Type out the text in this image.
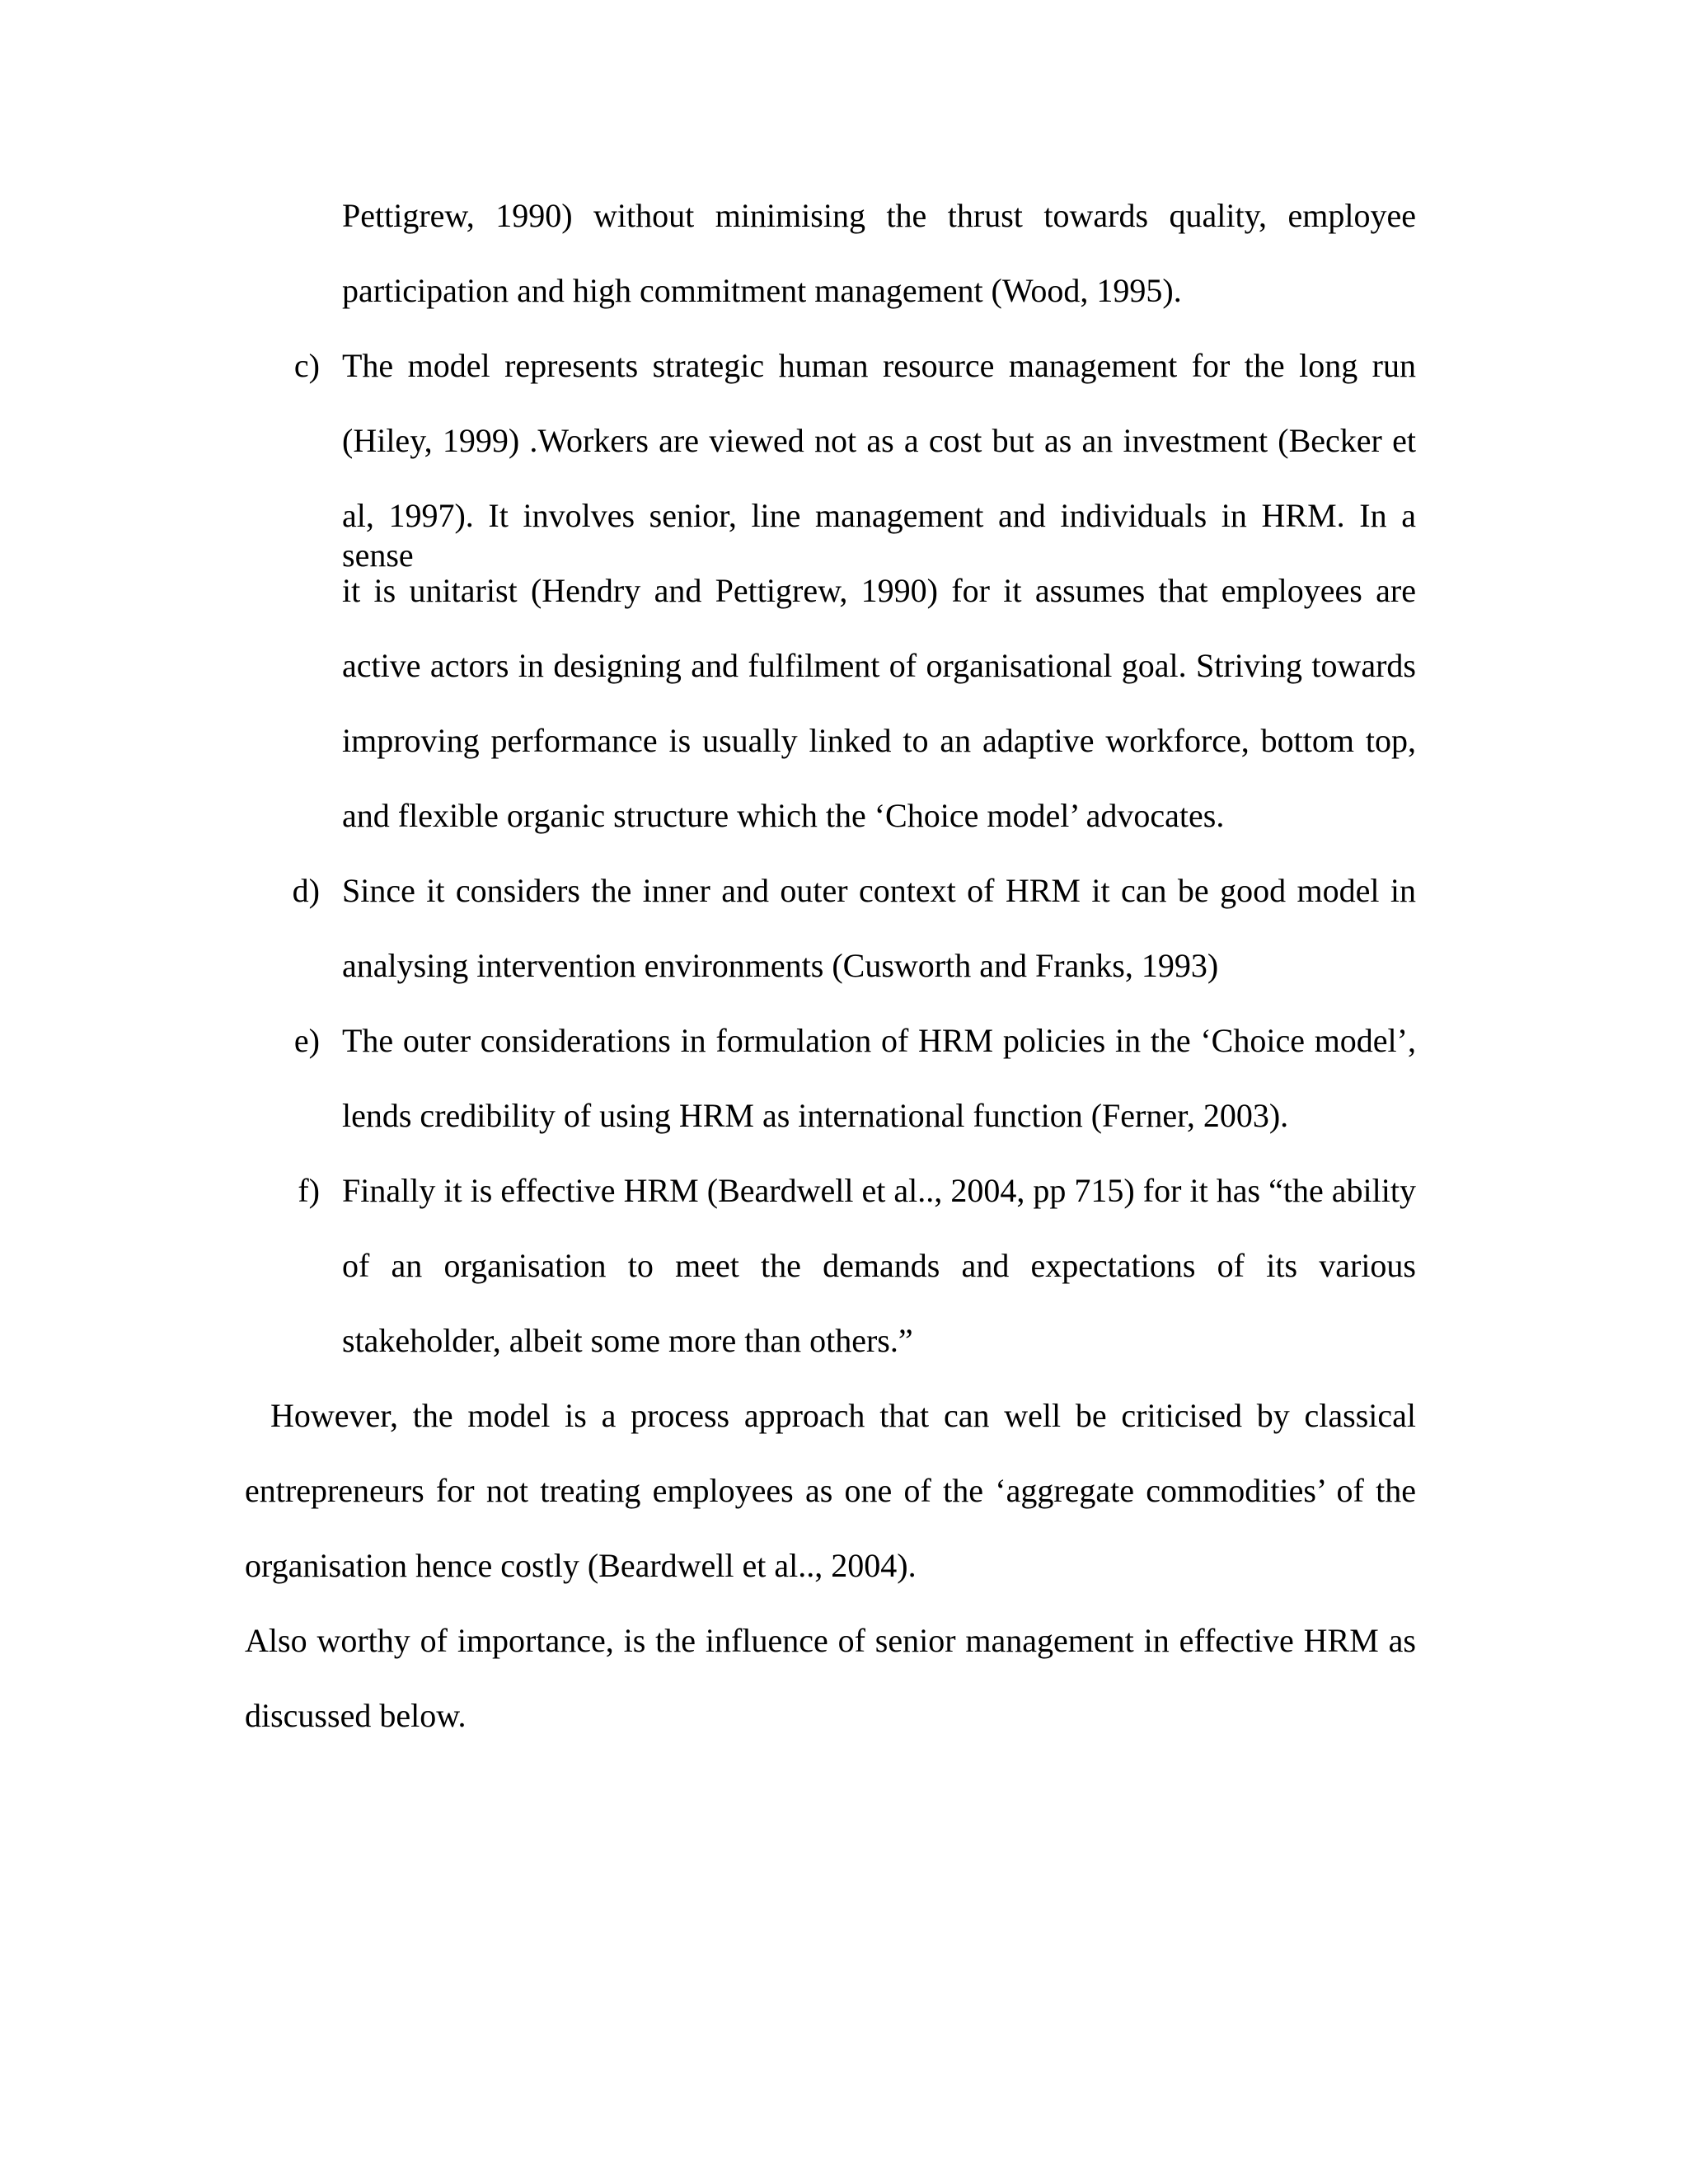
Pettigrew, 1990) without minimising the thrust towards quality, employee
participation and high commitment management (Wood, 1995).
c) The model represents strategic human resource management for the long run
(Hiley, 1999) .Workers are viewed not as a cost but as an investment (Becker et
al, 1997). It involves senior, line management and individuals in HRM. In a sense
it is unitarist (Hendry and Pettigrew, 1990) for it assumes that employees are
active actors in designing and fulfilment of organisational goal. Striving towards
improving performance is usually linked to an adaptive workforce, bottom top,
and flexible organic structure which the ‘Choice model’ advocates.
d) Since it considers the inner and outer context of HRM it can be good model in
analysing intervention environments (Cusworth and Franks, 1993)
e) The outer considerations in formulation of HRM policies in the ‘Choice model’,
lends credibility of using HRM as international function (Ferner, 2003).
f) Finally it is effective HRM (Beardwell et al.., 2004, pp 715) for it has “the ability
of an organisation to meet the demands and expectations of its various
stakeholder, albeit some more than others.”
However, the model is a process approach that can well be criticised by classical
entrepreneurs for not treating employees as one of the ‘aggregate commodities’ of the
organisation hence costly (Beardwell et al.., 2004).
Also worthy of importance, is the influence of senior management in effective HRM as
discussed below.
